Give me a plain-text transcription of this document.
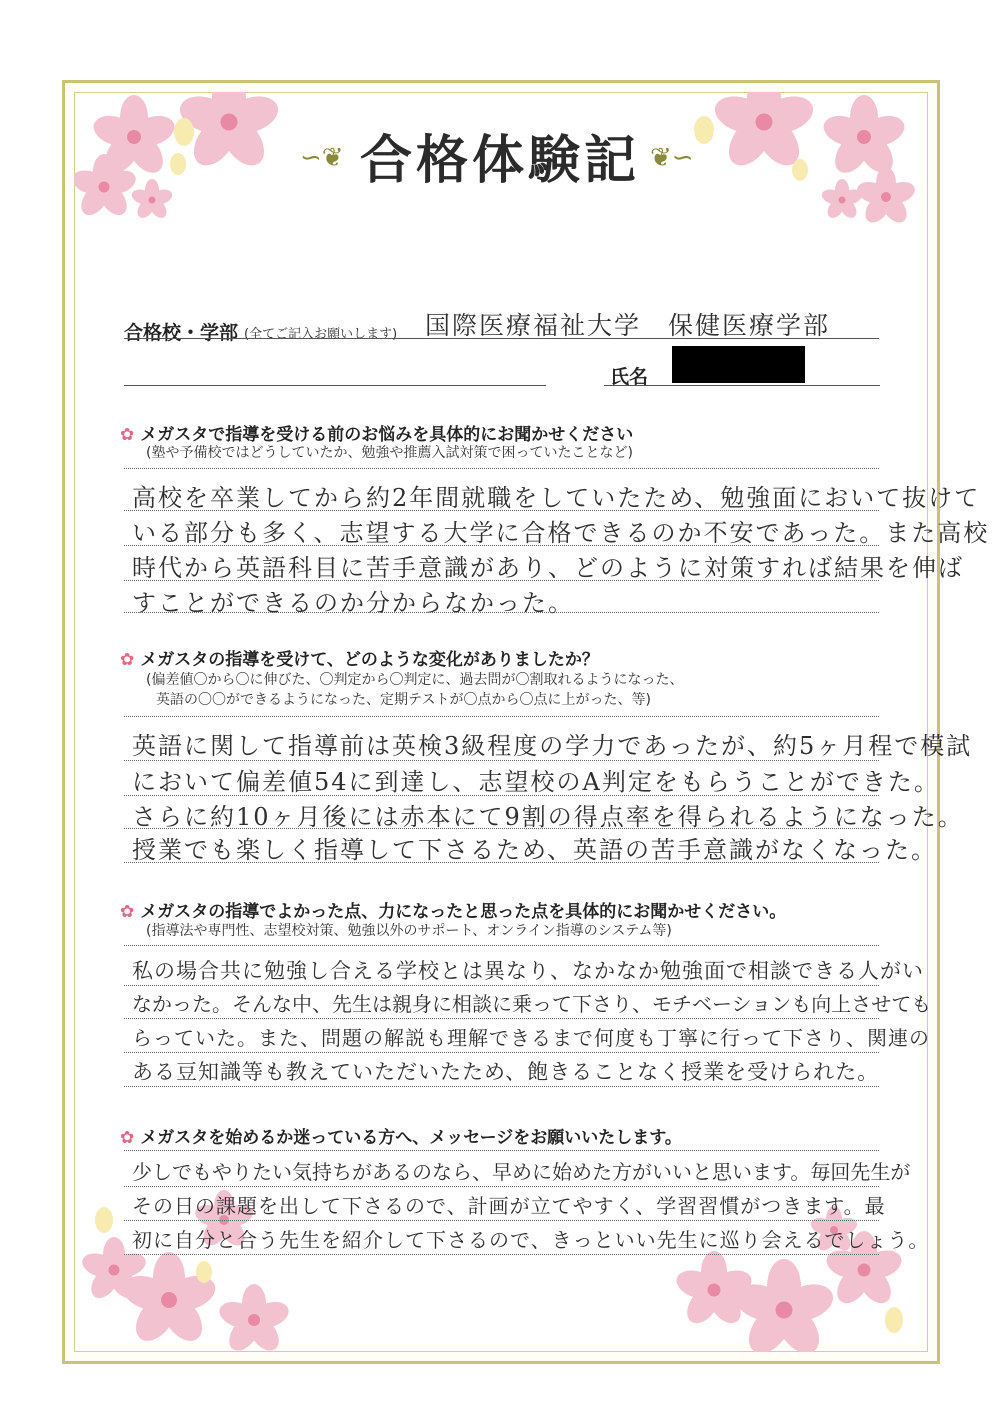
∽❦ 合格体験記 ❦∽
合格校・学部 (全てご記入お願いします) 国際医療福祉大学　保健医療学部
氏名
✿ メガスタで指導を受ける前のお悩みを具体的にお聞かせください
(塾や予備校ではどうしていたか、勉強や推薦入試対策で困っていたことなど)
高校を卒業してから約2年間就職をしていたため、勉強面において抜けて
いる部分も多く、志望する大学に合格できるのか不安であった。また高校
時代から英語科目に苦手意識があり、どのように対策すれば結果を伸ば
すことができるのか分からなかった。
✿ メガスタの指導を受けて、どのような変化がありましたか？
(偏差値〇から〇に伸びた、〇判定から〇判定に、過去問が〇割取れるようになった、
英語の〇〇ができるようになった、定期テストが〇点から〇点に上がった、等)
英語に関して指導前は英検3級程度の学力であったが、約5ヶ月程で模試
において偏差値54に到達し、志望校のA判定をもらうことができた。
さらに約10ヶ月後には赤本にて9割の得点率を得られるようになった。
授業でも楽しく指導して下さるため、英語の苦手意識がなくなった。
✿ メガスタの指導でよかった点、力になったと思った点を具体的にお聞かせください。
(指導法や専門性、志望校対策、勉強以外のサポート、オンライン指導のシステム等)
私の場合共に勉強し合える学校とは異なり、なかなか勉強面で相談できる人がい
なかった。そんな中、先生は親身に相談に乗って下さり、モチベーションも向上させても
らっていた。また、問題の解説も理解できるまで何度も丁寧に行って下さり、関連の
ある豆知識等も教えていただいたため、飽きることなく授業を受けられた。
✿ メガスタを始めるか迷っている方へ、メッセージをお願いいたします。
少しでもやりたい気持ちがあるのなら、早めに始めた方がいいと思います。毎回先生が
その日の課題を出して下さるので、計画が立てやすく、学習習慣がつきます。最
初に自分と合う先生を紹介して下さるので、きっといい先生に巡り会えるでしょう。
